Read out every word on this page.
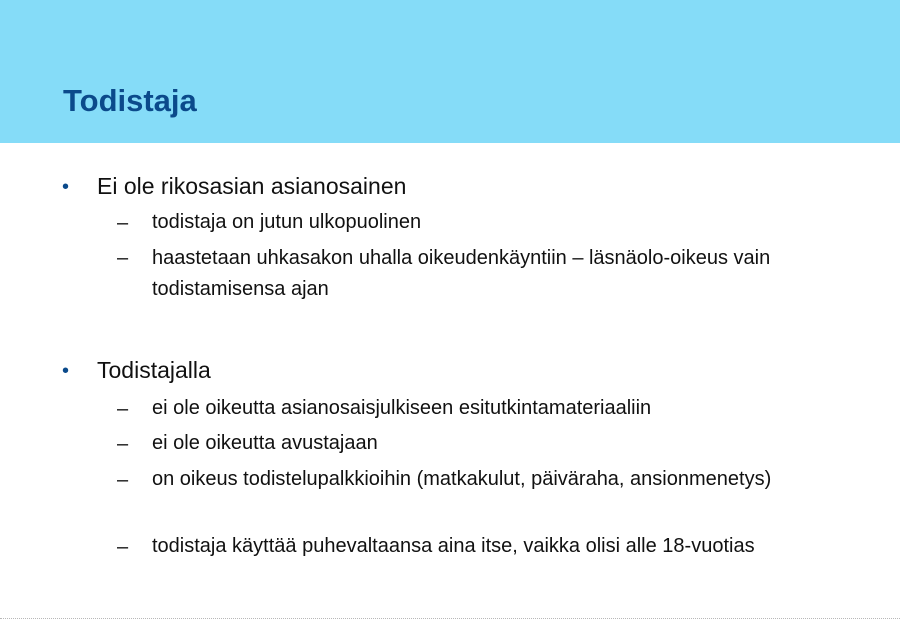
Todistaja
• Ei ole rikosasian asianosainen
– todistaja on jutun ulkopuolinen
– haastetaan uhkasakon uhalla oikeudenkäyntiin – läsnäolo-oikeus vain todistamisensa ajan
• Todistajalla
– ei ole oikeutta asianosaisjulkiseen esitutkintamateriaaliin
– ei ole oikeutta avustajaan
– on oikeus todistelupalkkioihin (matkakulut, päiväraha, ansionmenetys)
– todistaja käyttää puhevaltaansa aina itse, vaikka olisi alle 18-vuotias
